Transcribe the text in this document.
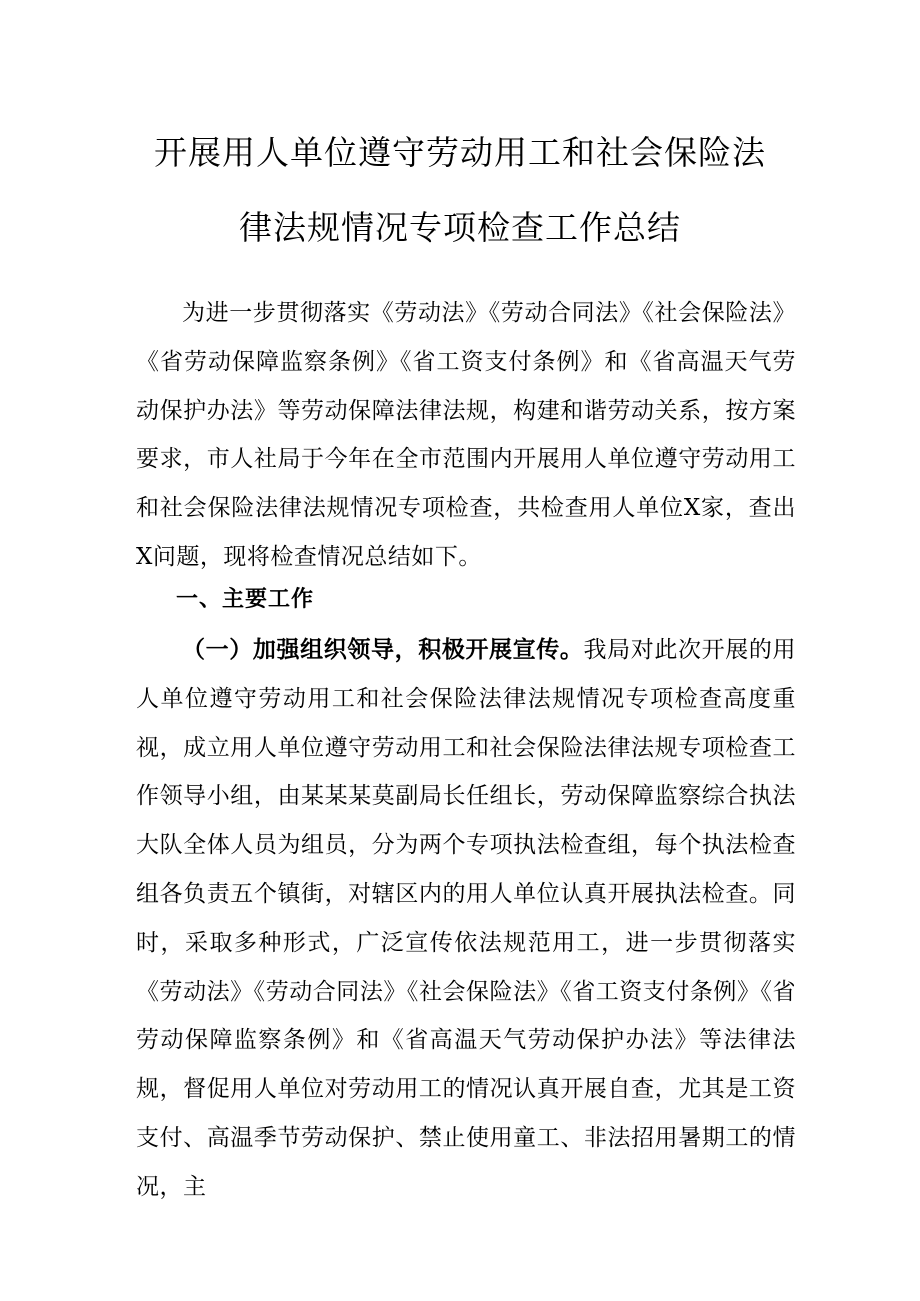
开展用人单位遵守劳动用工和社会保险法
律法规情况专项检查工作总结

为进一步贯彻落实《劳动法》《劳动合同法》《社会保险法》《省劳动保障监察条例》《省工资支付条例》和《省高温天气劳动保护办法》等劳动保障法律法规，构建和谐劳动关系，按方案要求，市人社局于今年在全市范围内开展用人单位遵守劳动用工和社会保险法律法规情况专项检查，共检查用人单位X家，查出X问题，现将检查情况总结如下。

一、主要工作

（一）加强组织领导，积极开展宣传。我局对此次开展的用人单位遵守劳动用工和社会保险法律法规情况专项检查高度重视，成立用人单位遵守劳动用工和社会保险法律法规专项检查工作领导小组，由某某某莫副局长任组长，劳动保障监察综合执法大队全体人员为组员，分为两个专项执法检查组，每个执法检查组各负责五个镇街，对辖区内的用人单位认真开展执法检查。同时，采取多种形式，广泛宣传依法规范用工，进一步贯彻落实《劳动法》《劳动合同法》《社会保险法》《省工资支付条例》《省劳动保障监察条例》和《省高温天气劳动保护办法》等法律法规，督促用人单位对劳动用工的情况认真开展自查，尤其是工资支付、高温季节劳动保护、禁止使用童工、非法招用暑期工的情况，主
